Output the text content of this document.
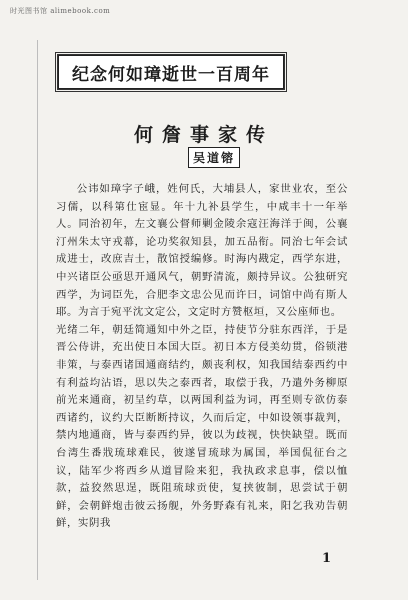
时光图书馆 alimebook.com
纪念何如璋逝世一百周年
何詹事家传
吴道镕

公讳如璋字子峨，姓何氏，大埔县人，家世业农，至公习儒，以科第仕宦显。年十九补县学生，中咸丰十一年举人。同治初年，左文襄公督师剿金陵余寇汪海洋于闽，公襄汀州朱太守戎幕，论功奖叙知县，加五品衔。同治七年会试成进士，改庶吉士，散馆授编修。时海内戡定，西学东进，中兴诸臣公亟思开通风气，朝野清流，颇持异议。公独研究西学，为词臣先，合肥李文忠公见而许曰，词馆中尚有斯人耶。为言于宛平沈文定公，文定时方赞枢垣，又公座师也。

光绪二年，朝廷简通知中外之臣，持使节分驻东西洋，于是晋公侍讲，充出使日本国大臣。初日本方侵美幼贯，俗锁港非策，与泰西诸国通商结约，颇丧利权，知我国结泰西约中有利益均沾语，思以失之泰西者，取偿于我，乃遣外务柳原前光来通商，初呈约草，以两国利益为词，再至则专欲仿泰西诸约，议约大臣断断持议，久而后定，中如设领事裁判，禁内地通商，皆与泰西约异，彼以为歧视，快快缺望。既而台湾生番戕琉球难民，彼遂冒琉球为属国，举国侃征台之议，陆军少将西乡从道冒险来犯，我执政求息事，偿以恤款，益狡然思逞，既阻琉球贡使，复挟彼制，思尝试于朝鲜，会朝鲜炮击彼云扬舰，外务野森有礼来，阳乞我劝告朝鲜，实阴我

1
